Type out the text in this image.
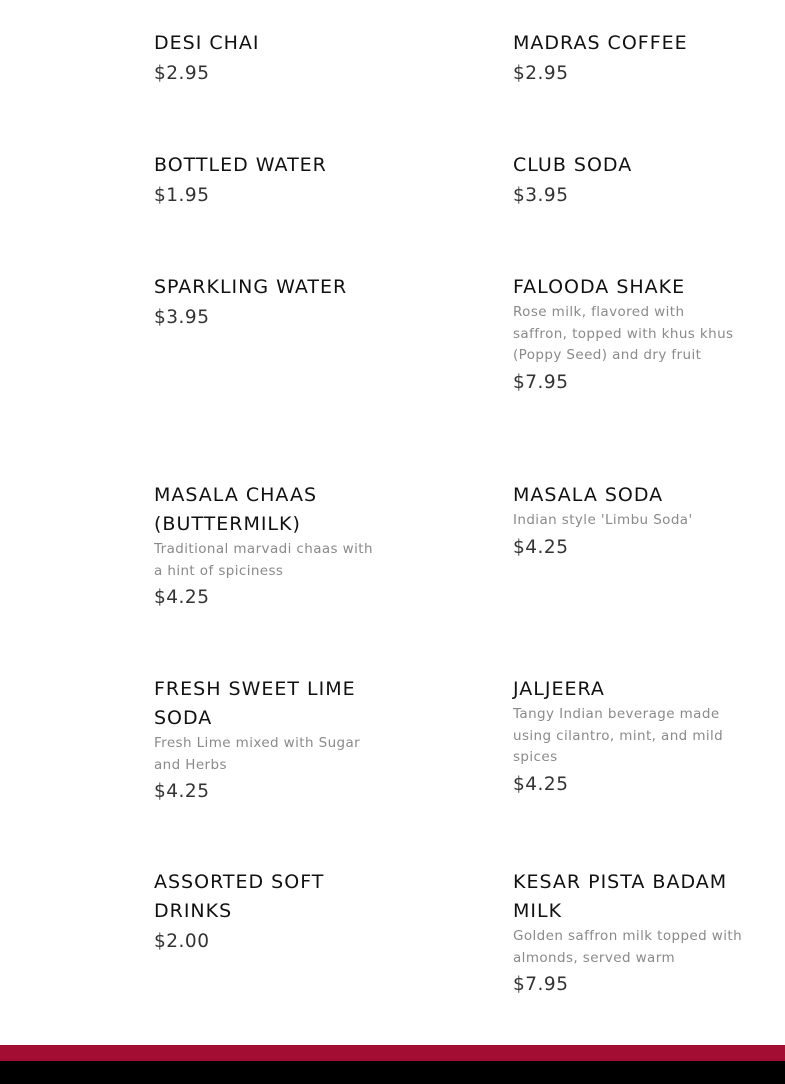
DESI CHAI

$2.95

MADRAS COFFEE

$2.95

BOTTLED WATER

$1.95

CLUB SODA

$3.95

SPARKLING WATER

$3.95

FALOODA SHAKE

Rose milk, flavored with saffron, topped with khus khus (Poppy Seed) and dry fruit

$7.95

MASALA CHAAS (BUTTERMILK)

Traditional marvadi chaas with a hint of spiciness

$4.25

MASALA SODA

Indian style 'Limbu Soda'

$4.25

FRESH SWEET LIME SODA

Fresh Lime mixed with Sugar and Herbs

$4.25

JALJEERA

Tangy Indian beverage made using cilantro, mint, and mild spices

$4.25

ASSORTED SOFT DRINKS

$2.00

KESAR PISTA BADAM MILK

Golden saffron milk topped with almonds, served warm

$7.95
